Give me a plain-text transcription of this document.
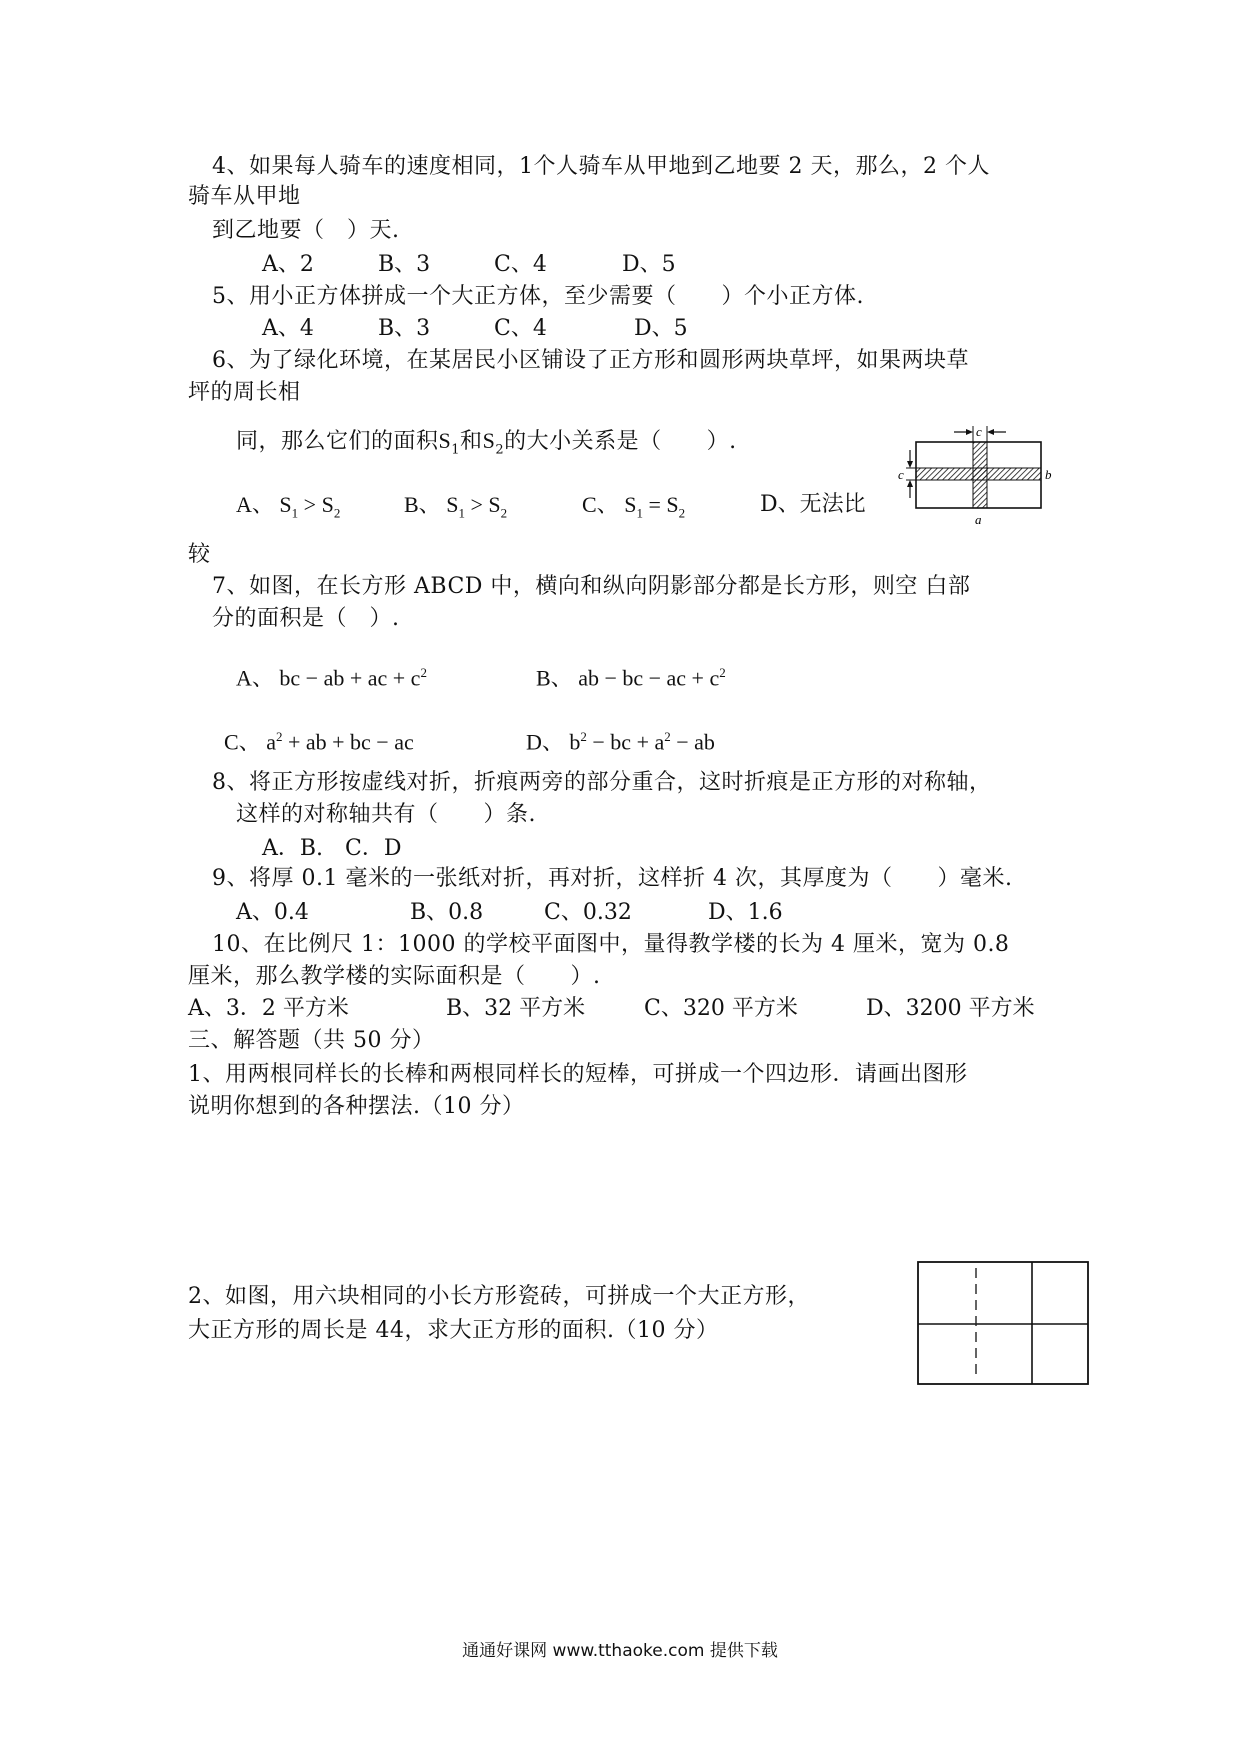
4、如果每人骑车的速度相同，1个人骑车从甲地到乙地要 2 天，那么，2 个人
骑车从甲地
到乙地要（　）天.
A、2	B、3	C、4	D、5
5、用小正方体拼成一个大正方体，至少需要（　　）个小正方体.
A、4	B、3	C、4	D、5
6、为了绿化环境，在某居民小区铺设了正方形和圆形两块草坪，如果两块草
坪的周长相
同，那么它们的面积$S_1$和$S_2$的大小关系是（　　）.
A、 $S_1 > S_2$	B、 $S_1 > S_2$	C、 $S_1 = S_2$	D、无法比
较
c
c	b
a
7、如图，在长方形 ABCD 中，横向和纵向阴影部分都是长方形，则空 白部
分的面积是（　）.
A、 bc − ab + ac + $c^2$	B、 ab − bc − ac + $c^2$
C、 $a^2$ + ab + bc − ac	D、 $b^2$ − bc + $a^2$ − ab
8、将正方形按虚线对折，折痕两旁的部分重合，这时折痕是正方形的对称轴，
这样的对称轴共有（　　）条.
A．B.　C．D
9、将厚 0.1 毫米的一张纸对折，再对折，这样折 4 次，其厚度为（　　）毫米.
A、0.4	B、0.8	C、0.32	D、1.6
10、在比例尺 1：1000 的学校平面图中，量得教学楼的长为 4 厘米，宽为 0.8
厘米，那么教学楼的实际面积是（　　）.
A、3．2 平方米	B、32 平方米	C、320 平方米	D、3200 平方米
三、解答题（共 50 分）
1、用两根同样长的长棒和两根同样长的短棒，可拼成一个四边形．请画出图形
说明你想到的各种摆法.（10 分）
2、如图，用六块相同的小长方形瓷砖，可拼成一个大正方形，
大正方形的周长是 44，求大正方形的面积.（10 分）
通通好课网 www.tthaoke.com 提供下载
